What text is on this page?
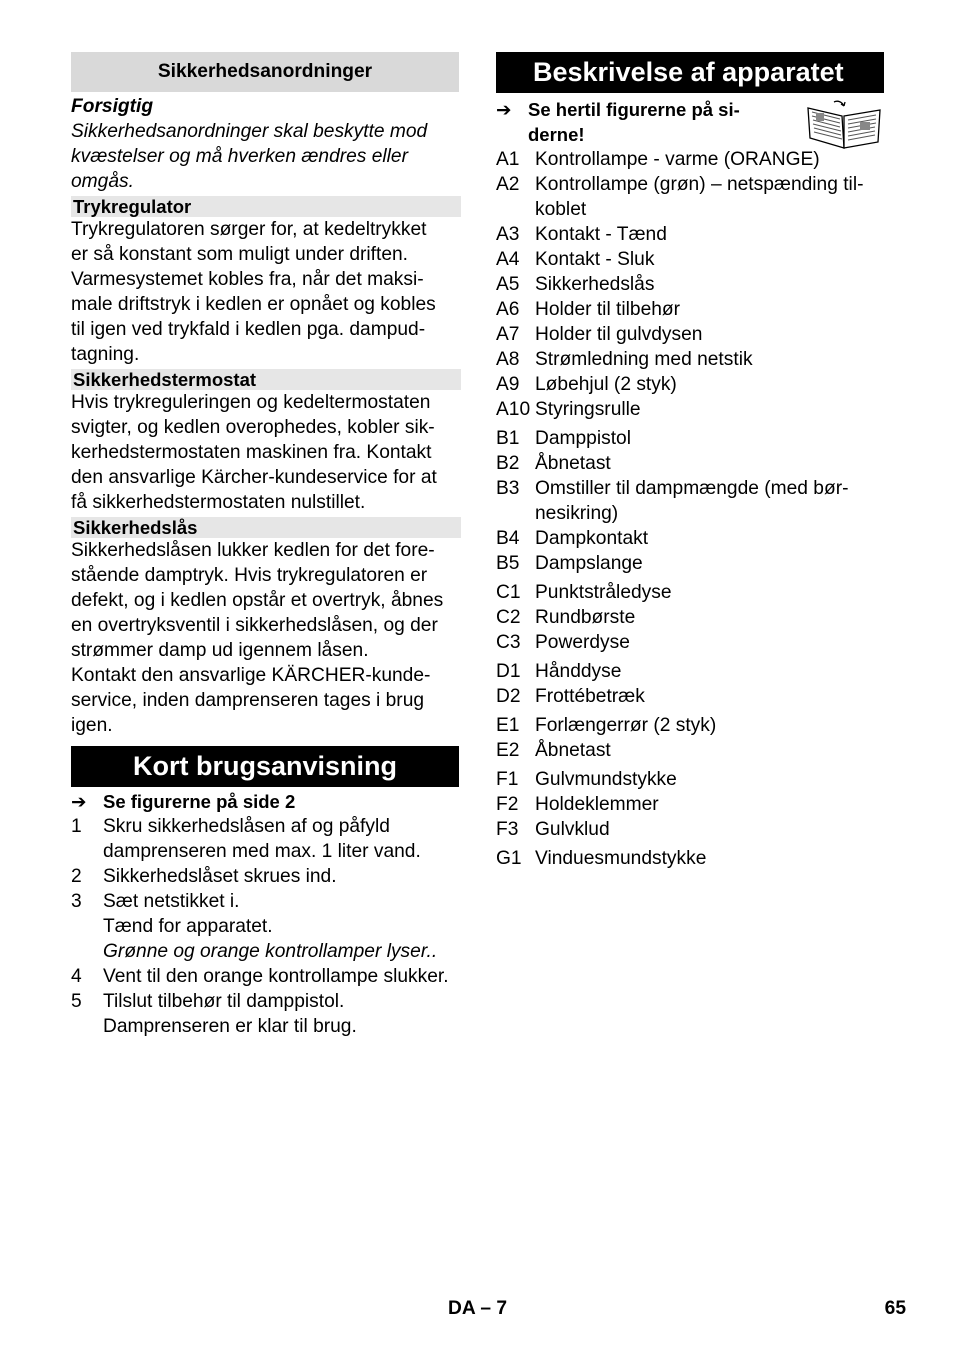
Sikkerhedsanordninger

Forsigtig

Sikkerhedsanordninger skal beskytte mod

kvæstelser og må hverken ændres eller

omgås.

Trykregulator

Trykregulatoren sørger for, at kedeltrykket

er så konstant som muligt under driften.

Varmesystemet kobles fra, når det maksi-

male driftstryk i kedlen er opnået og kobles

til igen ved trykfald i kedlen pga. dampud-

tagning.

Sikkerhedstermostat

Hvis trykreguleringen og kedeltermostaten

svigter, og kedlen overophedes, kobler sik-

kerhedstermostaten maskinen fra. Kontakt

den ansvarlige Kärcher-kundeservice for at

få sikkerhedstermostaten nulstillet.

Sikkerhedslås

Sikkerhedslåsen lukker kedlen for det fore-

stående damptryk. Hvis trykregulatoren er

defekt, og i kedlen opstår et overtryk, åbnes

en overtryksventil i sikkerhedslåsen, og der

strømmer damp ud igennem låsen.

Kontakt den ansvarlige KÄRCHER-kunde-

service, inden damprenseren tages i brug

igen.

Kort brugsanvisning
➔ Se figurerne på side 2
1	Skru sikkerhedslåsen af og påfyld
damprenseren med max. 1 liter vand.
2	Sikkerhedslåset skrues ind.
3	Sæt netstikket i.
Tænd for apparatet.
Grønne og orange kontrollamper lyser..
4	Vent til den orange kontrollampe slukker.
5	Tilslut tilbehør til damppistol.
Damprenseren er klar til brug.
Beskrivelse af apparatet
➔ Se hertil figurerne på si-
derne!
A1 Kontrollampe - varme (ORANGE)
A2 Kontrollampe (grøn) – netspænding til-
koblet
A3 Kontakt - Tænd
A4 Kontakt - Sluk
A5 Sikkerhedslås
A6 Holder til tilbehør
A7 Holder til gulvdysen
A8 Strømledning med netstik
A9 Løbehjul (2 styk)
A10 Styringsrulle
B1 Damppistol
B2 Åbnetast
B3 Omstiller til dampmængde (med bør-
nesikring)
B4 Dampkontakt
B5 Dampslange
C1 Punktstråledyse
C2 Rundbørste
C3 Powerdyse
D1 Hånddyse
D2 Frottébetræk
E1 Forlængerrør (2 styk)
E2 Åbnetast
F1 Gulvmundstykke
F2 Holdeklemmer
F3 Gulvklud
G1 Vinduesmundstykke
DA – 7	65
